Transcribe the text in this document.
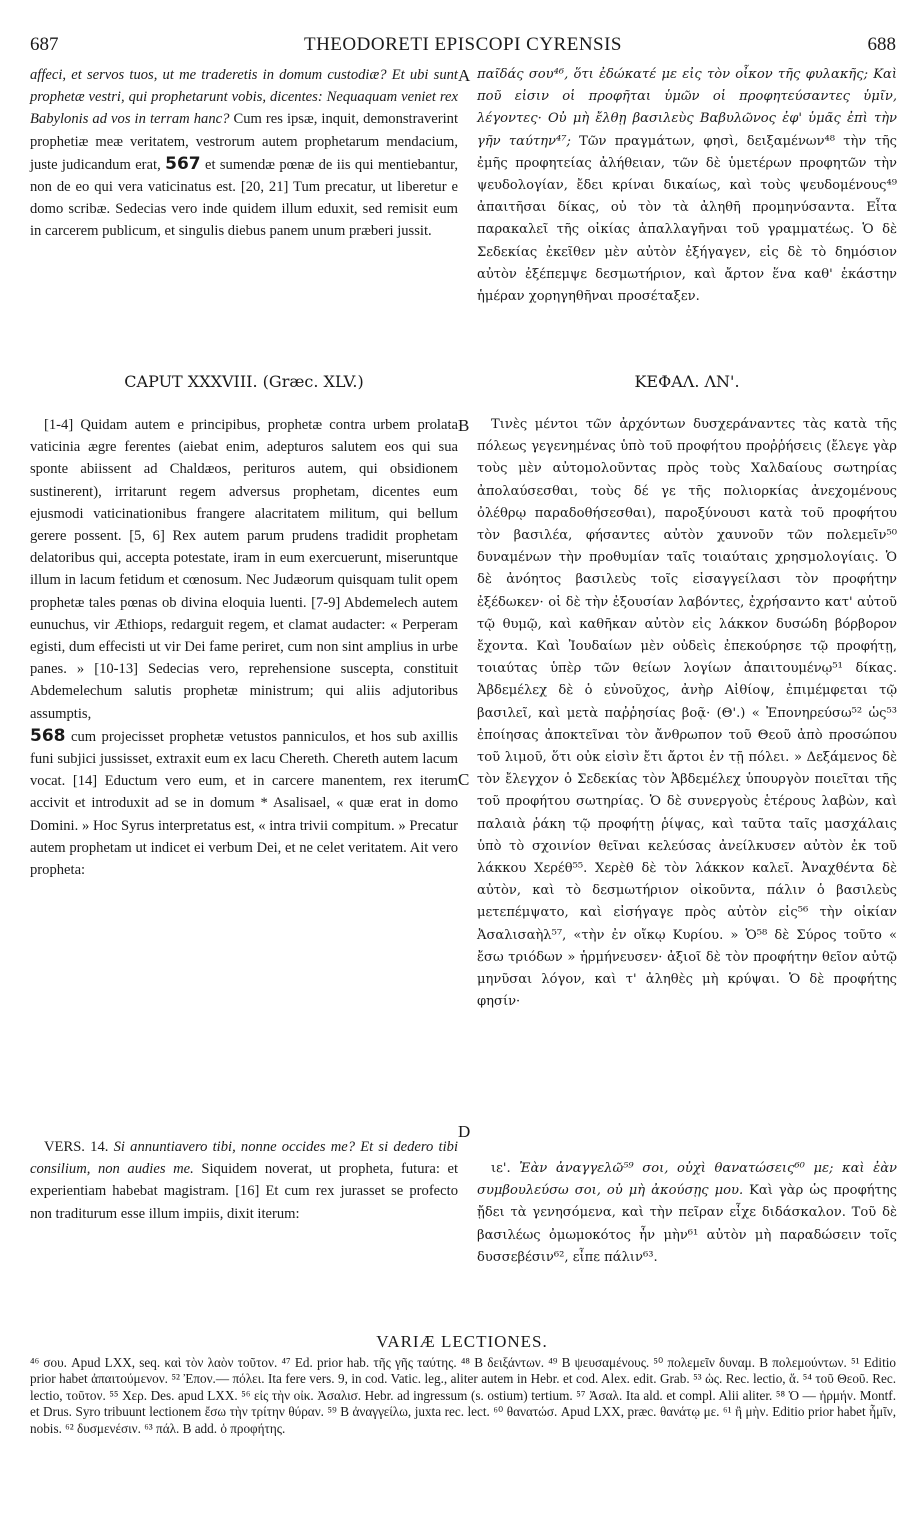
687	THEODORETI EPISCOPI CYRENSIS	688

affeci, et servos tuos, ut me traderetis in domum custodiæ? Et ubi sunt prophetæ vestri, qui prophetarunt vobis, dicentes: Nequaquam veniet rex Babylonis ad vos in terram hanc? Cum res ipsæ, inquit, demonstraverint prophetiæ meæ veritatem, vestrorum autem prophetarum mendacium, juste judicandum erat, 567 et sumendæ pœnæ de iis qui mentiebantur, non de eo qui vera vaticinatus est. [20, 21] Tum precatur, ut liberetur e domo scribæ. Sedecias vero inde quidem illum eduxit, sed remisit eum in carcerem publicum, et singulis diebus panem unum præberi jussit.

παῖδάς σου⁴⁶, ὅτι ἐδώκατέ με εἰς τὸν οἶκον τῆς φυλακῆς; Καὶ ποῦ εἰσιν οἱ προφῆται ὑμῶν οἱ προφητεύσαντες ὑμῖν, λέγοντες· Οὐ μὴ ἔλθῃ βασιλεὺς Βαβυλῶνος ἐφ' ὑμᾶς ἐπὶ τὴν γῆν ταύτην⁴⁷; Τῶν πραγμάτων, φησὶ, δειξαμένων⁴⁸ τὴν τῆς ἐμῆς προφητείας ἀλήθειαν, τῶν δὲ ὑμετέρων προφητῶν τὴν ψευδολογίαν, ἔδει κρίναι δικαίως, καὶ τοὺς ψευδομένους⁴⁹ ἀπαιτῆσαι δίκας, οὐ τὸν τὰ ἀληθῆ προμηνύσαντα. Εἶτα παρακαλεῖ τῆς οἰκίας ἀπαλλαγῆναι τοῦ γραμματέως. Ὁ δὲ Σεδεκίας ἐκεῖθεν μὲν αὐτὸν ἐξήγαγεν, εἰς δὲ τὸ δημόσιον αὐτὸν ἐξέπεμψε δεσμωτήριον, καὶ ἄρτον ἕνα καθ' ἑκάστην ἡμέραν χορηγηθῆναι προσέταξεν.

A
CAPUT XXXVIII. (Græc. XLV.)	ΚΕΦΑΛ. ΛΝ'.

[1-4] Quidam autem e principibus, prophetæ contra urbem prolata vaticinia ægre ferentes (aiebat enim, adepturos salutem eos qui sua sponte abiissent ad Chaldæos, perituros autem, qui obsidionem sustinerent), irritarunt regem adversus prophetam, dicentes eum ejusmodi vaticinationibus frangere alacritatem militum, qui bellum gerere possent. [5, 6] Rex autem parum prudens tradidit prophetam delatoribus qui, accepta potestate, iram in eum exercuerunt, miseruntque illum in lacum fetidum et cœnosum. Nec Judæorum quisquam tulit opem prophetæ tales pœnas ob divina eloquia luenti. [7-9] Abdemelech autem eunuchus, vir Æthiops, redarguit regem, et clamat audacter: « Perperam egisti, dum effecisti ut vir Dei fame periret, cum non sint amplius in urbe panes. » [10-13] Sedecias vero, reprehensione suscepta, constituit Abdemelechum salutis prophetæ ministrum; qui aliis adjutoribus assumptis,
568 cum projecisset prophetæ vetustos panniculos, et hos sub axillis funi subjici jussisset, extraxit eum ex lacu Chereth. Chereth autem lacum vocat. [14] Eductum vero eum, et in carcere manentem, rex iterum accivit et introduxit ad se in domum * Asalisael, « quæ erat in domo Domini. » Hoc Syrus interpretatus est, « intra trivii compitum. » Precatur autem prophetam ut indicet ei verbum Dei, et ne celet veritatem. Ait vero propheta:

Τινὲς μέντοι τῶν ἀρχόντων δυσχεράναντες τὰς κατὰ τῆς πόλεως γεγενημένας ὑπὸ τοῦ προφήτου προῤῥήσεις (ἔλεγε γὰρ τοὺς μὲν αὐτομολοῦντας πρὸς τοὺς Χαλδαίους σωτηρίας ἀπολαύσεσθαι, τοὺς δέ γε τῆς πολιορκίας ἀνεχομένους ὀλέθρῳ παραδοθήσεσθαι), παροξύνουσι κατὰ τοῦ προφήτου τὸν βασιλέα, φήσαντες αὐτὸν χαυνοῦν τῶν πολεμεῖν⁵⁰ δυναμένων τὴν προθυμίαν ταῖς τοιαύταις χρησμολογίαις. Ὁ δὲ ἀνόητος βασιλεὺς τοῖς εἰσαγγείλασι τὸν προφήτην ἐξέδωκεν· οἱ δὲ τὴν ἐξουσίαν λαβόντες, ἐχρήσαντο κατ' αὐτοῦ τῷ θυμῷ, καὶ καθῆκαν αὐτὸν εἰς λάκκον δυσώδη βόρβορον ἔχοντα. Καὶ Ἰουδαίων μὲν οὐδεὶς ἐπεκούρησε τῷ προφήτῃ, τοιαύτας ὑπὲρ τῶν θείων λογίων ἀπαιτουμένῳ⁵¹ δίκας. Ἀβδεμέλεχ δὲ ὁ εὐνοῦχος, ἀνὴρ Αἰθίοψ, ἐπιμέμφεται τῷ βασιλεῖ, καὶ μετὰ παῤῥησίας βοᾷ· (Θ'.) « Ἐπονηρεύσω⁵² ὡς⁵³ ἐποίησας ἀποκτεῖναι τὸν ἄνθρωπον τοῦ Θεοῦ ἀπὸ προσώπου τοῦ λιμοῦ, ὅτι οὐκ εἰσὶν ἔτι ἄρτοι ἐν τῇ πόλει. » Δεξάμενος δὲ τὸν ἔλεγχον ὁ Σεδεκίας τὸν Ἀβδεμέλεχ ὑπουργὸν ποιεῖται τῆς τοῦ προφήτου σωτηρίας. Ὁ δὲ συνεργοὺς ἑτέρους λαβὼν, καὶ παλαιὰ ῥάκη τῷ προφήτῃ ῥίψας, καὶ ταῦτα ταῖς μασχάλαις ὑπὸ τὸ σχοινίον θεῖναι κελεύσας ἀνείλκυσεν αὐτὸν ἐκ τοῦ λάκκου Χερέθ⁵⁵. Χερὲθ δὲ τὸν λάκκον καλεῖ. Ἀναχθέντα δὲ αὐτὸν, καὶ τὸ δεσμωτήριον οἰκοῦντα, πάλιν ὁ βασιλεὺς μετεπέμψατο, καὶ εἰσήγαγε πρὸς αὐτὸν εἰς⁵⁶ τὴν οἰκίαν Ἀσαλισαὴλ⁵⁷, «τὴν ἐν οἴκῳ Κυρίου. » Ὁ⁵⁸ δὲ Σύρος τοῦτο « ἔσω τριόδων » ἡρμήνευσεν· ἀξιοῖ δὲ τὸν προφήτην θεῖον αὐτῷ μηνῦσαι λόγον, καὶ τ' ἀληθὲς μὴ κρύψαι. Ὁ δὲ προφήτης φησίν·

B
C
D

VERS. 14. Si annuntiavero tibi, nonne occides me? Et si dedero tibi consilium, non audies me. Siquidem noverat, ut propheta, futura: et experientiam habebat magistram. [16] Et cum rex jurasset se profecto non traditurum esse illum impiis, dixit iterum:

ιε'. Ἐὰν ἀναγγελῶ⁵⁹ σοι, οὐχὶ θανατώσεις⁶⁰ με; καὶ ἐὰν συμβουλεύσω σοι, οὐ μὴ ἀκούσῃς μου. Καὶ γὰρ ὡς προφήτης ᾔδει τὰ γενησόμενα, καὶ τὴν πεῖραν εἶχε διδάσκαλον. Τοῦ δὲ βασιλέως ὀμωμοκότος ἦν μὴν⁶¹ αὐτὸν μὴ παραδώσειν τοῖς δυσσεβέσιν⁶², εἶπε πάλιν⁶³.

VARIÆ LECTIONES.
⁴⁶ σου. Apud LXX, seq. καὶ τὸν λαὸν τοῦτον. ⁴⁷ Ed. prior hab. τῆς γῆς ταύτης. ⁴⁸ B δειξάντων. ⁴⁹ B ψευσαμένους. ⁵⁰ πολεμεῖν δυναμ. B πολεμούντων. ⁵¹ Editio prior habet ἀπαιτούμενον. ⁵² Ἐπον.— πόλει. Ita fere vers. 9, in cod. Vatic. leg., aliter autem in Hebr. et cod. Alex. edit. Grab. ⁵³ ὡς. Rec. lectio, ἅ. ⁵⁴ τοῦ Θεοῦ. Rec. lectio, τοῦτον. ⁵⁵ Χερ. Des. apud LXX. ⁵⁶ εἰς τὴν οἰκ. Ἀσαλισ. Hebr. ad ingressum (s. ostium) tertium. ⁵⁷ Ἀσαλ. Ita ald. et compl. Alii aliter. ⁵⁸ Ὁ — ἡρμήν. Montf. et Drus. Syro tribuunt lectionem ἔσω τὴν τρίτην θύραν. ⁵⁹ B ἀναγγείλω, juxta rec. lect. ⁶⁰ θανατώσ. Apud LXX, præc. θανάτῳ με. ⁶¹ ἢ μὴν. Editio prior habet ἦμῖν, nobis. ⁶² δυσμενέσιν. ⁶³ πάλ. B add. ὁ προφήτης.
